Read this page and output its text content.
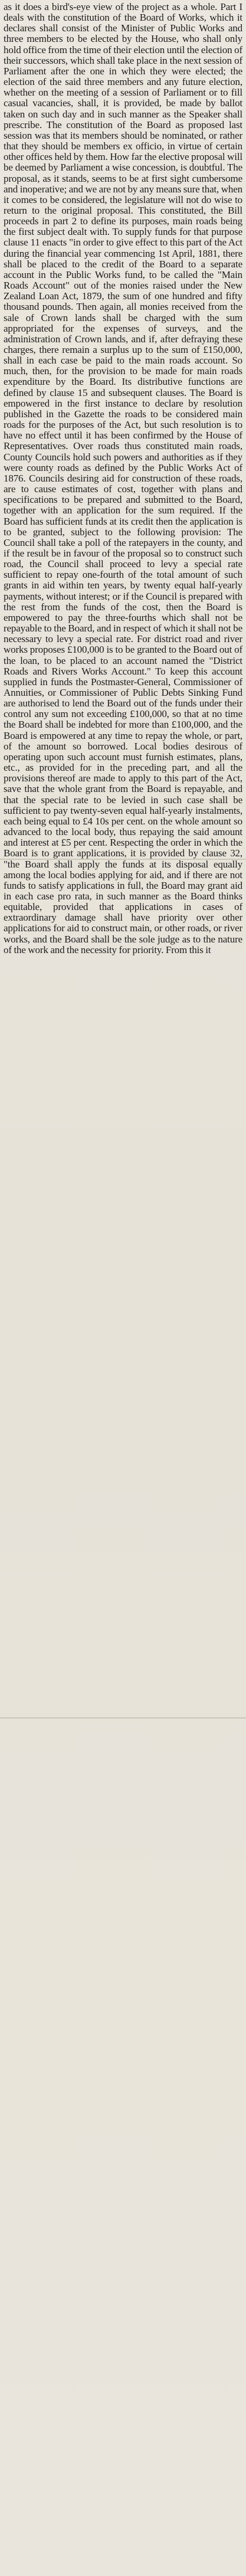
as it does a bird's-eye view of the project as a whole. Part I deals with the constitution of the Board of Works, which it declares shall consist of the Minister of Public Works and three members to be elected by the House, who shall only hold office from the time of their election until the election of their successors, which shall take place in the next session of Parliament after the one in which they were elected; the election of the said three members and any future election, whether on the meeting of a session of Parliament or to fill casual vacancies, shall, it is provided, be made by ballot taken on such day and in such manner as the Speaker shall prescribe. The constitution of the Board as proposed last session was that its members should be nominated, or rather that they should be members ex officio, in virtue of certain other offices held by them. How far the elective proposal will be deemed by Parliament a wise concession, is doubtful. The proposal, as it stands, seems to be at first sight cumbersome and inoperative; and we are not by any means sure that, when it comes to be considered, the legislature will not do wise to return to the original proposal. This constituted, the Bill proceeds in part 2 to define its purposes, main roads being the first subject dealt with. To supply funds for that purpose clause 11 enacts "in order to give effect to this part of the Act during the financial year commencing 1st April, 1881, there shall be placed to the credit of the Board to a separate account in the Public Works fund, to be called the "Main Roads Account" out of the monies raised under the New Zealand Loan Act, 1879, the sum of one hundred and fifty thousand pounds. Then again, all monies received from the sale of Crown lands shall be charged with the sum appropriated for the expenses of surveys, and the administration of Crown lands, and if, after defraying these charges, there remain a surplus up to the sum of £150,000, shall in each case be paid to the main roads account. So much, then, for the provision to be made for main roads expenditure by the Board. Its distributive functions are defined by clause 15 and subsequent clauses. The Board is empowered in the first instance to declare by resolution published in the Gazette the roads to be considered main roads for the purposes of the Act, but such resolution is to have no effect until it has been confirmed by the House of Representatives. Over roads thus constituted main roads, County Councils hold such powers and authorities as if they were county roads as defined by the Public Works Act of 1876. Councils desiring aid for construction of these roads, are to cause estimates of cost, together with plans and specifications to be prepared and submitted to the Board, together with an application for the sum required. If the Board has sufficient funds at its credit then the application is to be granted, subject to the following provision: The Council shall take a poll of the ratepayers in the county, and if the result be in favour of the proposal so to construct such road, the Council shall proceed to levy a special rate sufficient to repay one-fourth of the total amount of such grants in aid within ten years, by twenty equal half-yearly payments, without interest; or if the Council is prepared with the rest from the funds of the cost, then the Board is empowered to pay the three-fourths which shall not be repayable to the Board, and in respect of which it shall not be necessary to levy a special rate. For district road and river works proposes £100,000 is to be granted to the Board out of the loan, to be placed to an account named the "District Roads and Rivers Works Account." To keep this account supplied in funds the Postmaster-General, Commissioner of Annuities, or Commissioner of Public Debts Sinking Fund are authorised to lend the Board out of the funds under their control any sum not exceeding £100,000, so that at no time the Board shall be indebted for more than £100,000, and the Board is empowered at any time to repay the whole, or part, of the amount so borrowed. Local bodies desirous of operating upon such account must furnish estimates, plans, etc., as provided for in the preceding part, and all the provisions thereof are made to apply to this part of the Act, save that the whole grant from the Board is repayable, and that the special rate to be levied in such case shall be sufficient to pay twenty-seven equal half-yearly instalments, each being equal to £4 10s per cent. on the whole amount so advanced to the local body, thus repaying the said amount and interest at £5 per cent. Respecting the order in which the Board is to grant applications, it is provided by clause 32, "the Board shall apply the funds at its disposal equally among the local bodies applying for aid, and if there are not funds to satisfy applications in full, the Board may grant aid in each case pro rata, in such manner as the Board thinks equitable, provided that applications in cases of extraordinary damage shall have priority over other applications for aid to construct main, or other roads, or river works, and the Board shall be the sole judge as to the nature of the work and the necessity for priority. From this it
